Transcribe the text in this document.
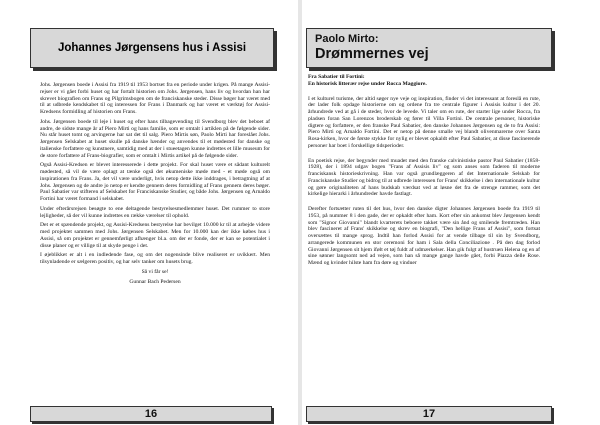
Johannes Jørgensens hus i Assisi

Johs. Jørgensen boede i Assisi fra 1919 til 1953 bortset fra en periode under krigen. På mange Assisi-rejser er vi gået forbi huset og har fortalt historien om Johs. Jørgensen, hans liv og hvordan han har skrevet biografien om Frans og Pilgrimsbogen om de franciskanske steder. Disse bøger har været med til at udbrede kendskabet til og interessen for Frans i Danmark og har været et værktøj for Assisi-Kredsens formidling af historien om Frans.

Johs. Jørgensen boede til leje i huset og efter hans tilbagevending til Svendborg blev det beboet af andre, de sidste mange år af Piero Mirti og hans familie, som er omtalt i artiklen på de følgende sider. Nu står huset tomt og arvingerne har sat det til salg. Piero Mirtis søn, Paolo Mirti har foreslået Johs. Jørgensen Selskabet at huset skulle på danske hænder og anvendes til et mødested for danske og italienske forfattere og kunstnere, samtidig med at der i stueetagen kunne indrettes et lille museum for de store forfattere af Frans-biografier, som er omtalt i Mirtis artikel på de følgende sider.

Også Assisi-Kredsen er blevet interesserede i dette projekt. For skal huset være et sådant kulturelt mødested, så vil de være oplagt at tænke også det økumeniske møde med - et møde også om inspirationen fra Frans. Ja, det vil være underligt, hvis netop dette ikke inddrages, i betragtning af at Johs. Jørgensen og de andre jo netop er kendte gennem deres formidling af Frans gennem deres bøger. Paul Sabatier var stifteren af Selskabet for Franciskanske Studier, og både Johs. Jørgensen og Arnaldo Fortini har været formand i selskabet.

Under efterårsrejsen besøgte to ene deltagende bestyrelsesmedlemmer huset. Det rummer to store lejligheder, så der vil kunne indrettes en række værelser til ophold.

Det er et spændende projekt, og Assisi-Kredsens bestyrelse har bevilget 10.000 kr til at arbejde videre med projektet sammen med Johs. Jørgensen Selskabet. Men for 10.000 kan der ikke købes hus i Assisi, så om projektet er gennemførligt afhænger bl.a. om der er fonde, der er kan se potentialet i disse planer og er villige til at skyde penge i det.

I øjeblikket er alt i en indledende fase, og om det nogensinde blive realiseret er uvikkert. Men tilsynladende er sælgeren positiv, og har selv tanker om husets brug.

Så vi får se!

Gunnar Bach Pedersen

16
Paolo Mirto:
Drømmernes vej

Fra Sabatier til Fortini:

En historisk litterær rejse under Rocca Maggiore.

I et kulturel turisme, der altid søger nye veje og inspiration, finder vi det interessant at foreslå en rute, der lader folk opdage historierne om og ordene fra tre centrale figurer i Assisis kultur i det 20. århundrede ved at gå i de steder, hvor de levede. Vi taler om en rute, der starter lige under Rocca, fra pladsen foran San Lorenzos broderskab og fører til Villa Fortini. De centrale personer, historiske digtere og forfattere, er den franske Paul Sabatier, den danske Johannes Jørgensen og de to fra Assisi: Piero Mirti og Arnaldo Fortini. Det er netop på denne smalle vej blandt olivenmarerne over Santa Rosa-kirken, hvor de første stykke for nylig er blevet opkaldt efter Paul Sabatier, at disse fascinerende personer har boet i forskellige tidsperioder.

En poetisk rejse, der begynder med muadet med den franske calvinistiske pastor Paul Sabatier (1858-1928), der i 1894 udgav bogen "Frans af Assisis liv" og som anses som faderen til moderne franciskansk historieskrivning. Han var også grundlæggeren af det Internationale Selskab for Franciskanske Studier og bidrog til at udbrede interessen for Frans' skikkelse i den internationale kultur og gøre originaliteten af hans budskab værdsat ved at løsne det fra de strenge rammer, som det kirkelige hierarki i århundreder havde fastlagt.

Derefter fortsætter ruten til det hus, hvor den danske digter Johannes Jørgensen boede fra 1919 til 1953, på nummer 8 i den gade, der er opkaldt efter ham. Kort efter sin ankomst blev Jørgensen kendt som "Signor Giovanni" blandt kvarterets beboere takket være sin ånd og smilende fremtræden. Han blev fascineret af Frans' skikkelse og skrev en biografi, "Den hellige Frans af Assisi", som fortsat oversættes til mange sprog. Indtil han forlod Assisi for at vende tilbage til sin by Svendborg, arrangerede kommunen en stor ceremoni for ham i Sala della Conciliazione . På den dag forlod Giovanni Jørgensen sit hjem ifølt et tøj fuldt af udmærkelser. Han gik fulgt af hustruen Helena og en af sine sønner langsomt ned ad vejen, som han så mange gange havde gået, forbi Piazza delle Rose. Mænd og kvinder hilste ham fra døre og vinduer

17
